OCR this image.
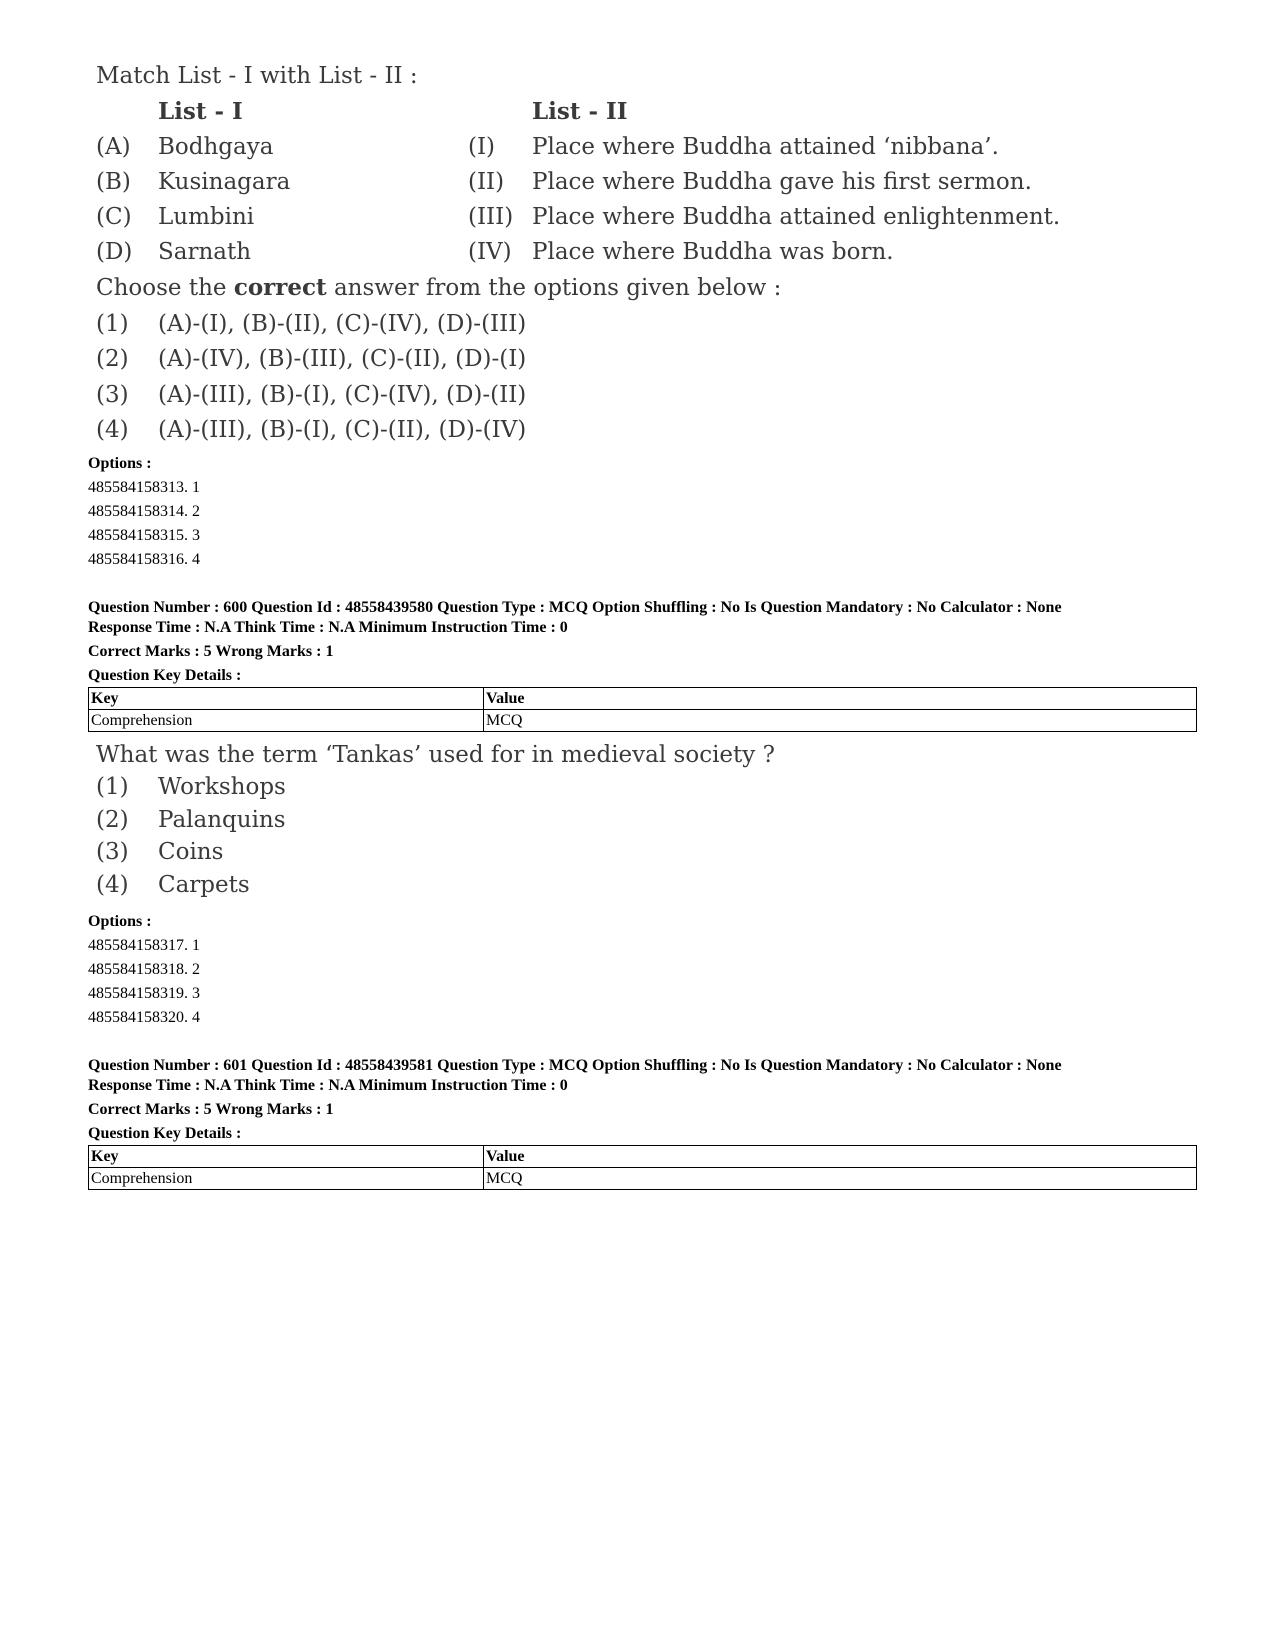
Match List - I with List - II :
List - I	List - II
(A) Bodhgaya	(I) Place where Buddha attained ‘nibbana’.
(B) Kusinagara	(II) Place where Buddha gave his first sermon.
(C) Lumbini	(III) Place where Buddha attained enlightenment.
(D) Sarnath	(IV) Place where Buddha was born.
Choose the correct answer from the options given below :
(1) (A)-(I), (B)-(II), (C)-(IV), (D)-(III)
(2) (A)-(IV), (B)-(III), (C)-(II), (D)-(I)
(3) (A)-(III), (B)-(I), (C)-(IV), (D)-(II)
(4) (A)-(III), (B)-(I), (C)-(II), (D)-(IV)
Options :
485584158313. 1
485584158314. 2
485584158315. 3
485584158316. 4
Question Number : 600 Question Id : 48558439580 Question Type : MCQ Option Shuffling : No Is Question Mandatory : No Calculator : None
Response Time : N.A Think Time : N.A Minimum Instruction Time : 0
Correct Marks : 5 Wrong Marks : 1
Question Key Details :
Key	Value
Comprehension	MCQ
What was the term ‘Tankas’ used for in medieval society ?
(1) Workshops
(2) Palanquins
(3) Coins
(4) Carpets
Options :
485584158317. 1
485584158318. 2
485584158319. 3
485584158320. 4
Question Number : 601 Question Id : 48558439581 Question Type : MCQ Option Shuffling : No Is Question Mandatory : No Calculator : None
Response Time : N.A Think Time : N.A Minimum Instruction Time : 0
Correct Marks : 5 Wrong Marks : 1
Question Key Details :
Key	Value
Comprehension	MCQ
